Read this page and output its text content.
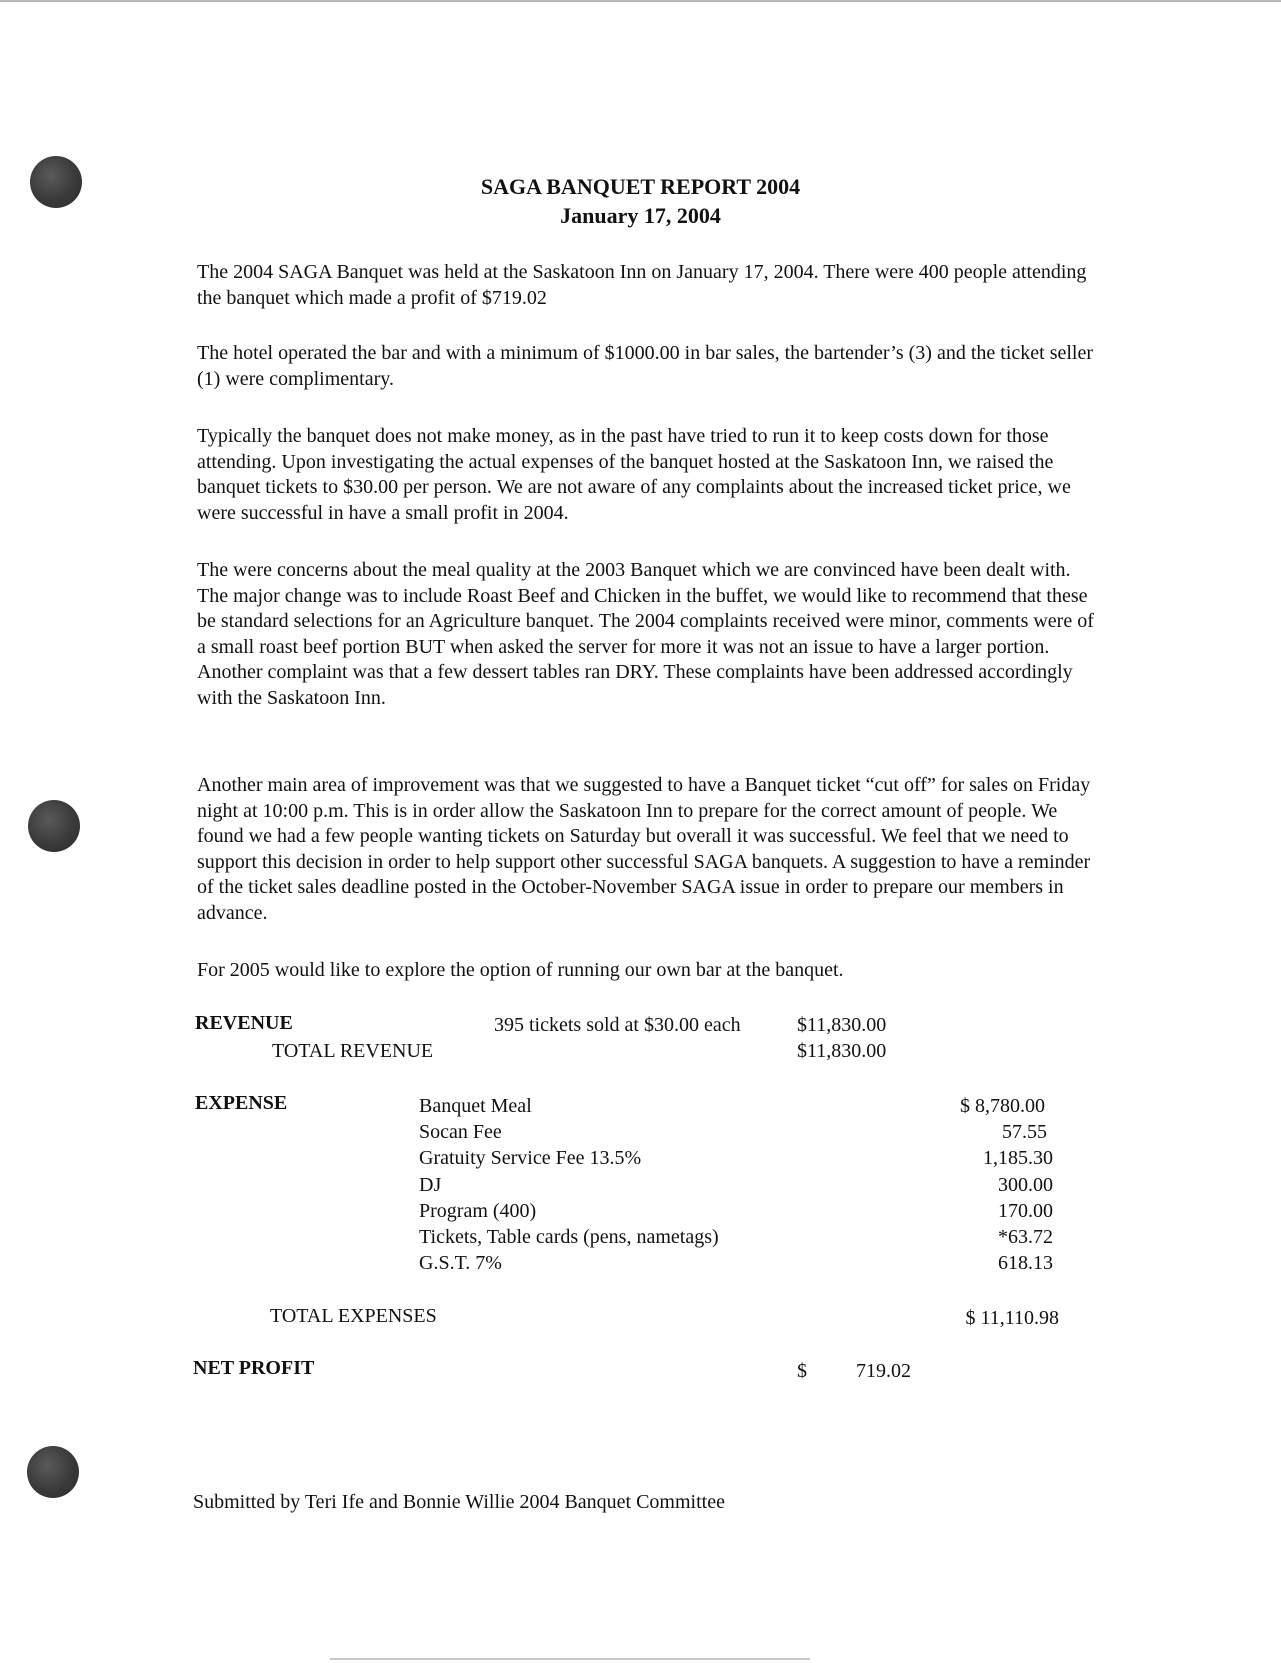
SAGA BANQUET REPORT 2004
January 17, 2004

The 2004 SAGA Banquet was held at the Saskatoon Inn on January 17, 2004. There were 400 people attending the banquet which made a profit of $719.02

The hotel operated the bar and with a minimum of $1000.00 in bar sales, the bartender’s (3) and the ticket seller (1) were complimentary.

Typically the banquet does not make money, as in the past have tried to run it to keep costs down for those attending. Upon investigating the actual expenses of the banquet hosted at the Saskatoon Inn, we raised the banquet tickets to $30.00 per person. We are not aware of any complaints about the increased ticket price, we were successful in have a small profit in 2004.

The were concerns about the meal quality at the 2003 Banquet which we are convinced have been dealt with. The major change was to include Roast Beef and Chicken in the buffet, we would like to recommend that these be standard selections for an Agriculture banquet. The 2004 complaints received were minor, comments were of a small roast beef portion BUT when asked the server for more it was not an issue to have a larger portion. Another complaint was that a few dessert tables ran DRY. These complaints have been addressed accordingly with the Saskatoon Inn.

Another main area of improvement was that we suggested to have a Banquet ticket “cut off” for sales on Friday night at 10:00 p.m. This is in order allow the Saskatoon Inn to prepare for the correct amount of people. We found we had a few people wanting tickets on Saturday but overall it was successful. We feel that we need to support this decision in order to help support other successful SAGA banquets. A suggestion to have a reminder of the ticket sales deadline posted in the October-November SAGA issue in order to prepare our members in advance.

For 2005 would like to explore the option of running our own bar at the banquet.

REVENUE	395 tickets sold at $30.00 each	$11,830.00
TOTAL REVENUE	$11,830.00
EXPENSE	Banquet Meal	$ 8,780.00
Socan Fee	57.55
Gratuity Service Fee 13.5%	1,185.30
DJ	300.00
Program (400)	170.00
Tickets, Table cards (pens, nametags)	*63.72
G.S.T. 7%	618.13
TOTAL EXPENSES	$ 11,110.98
NET PROFIT	$ 719.02
Submitted by Teri Ife and Bonnie Willie 2004 Banquet Committee
